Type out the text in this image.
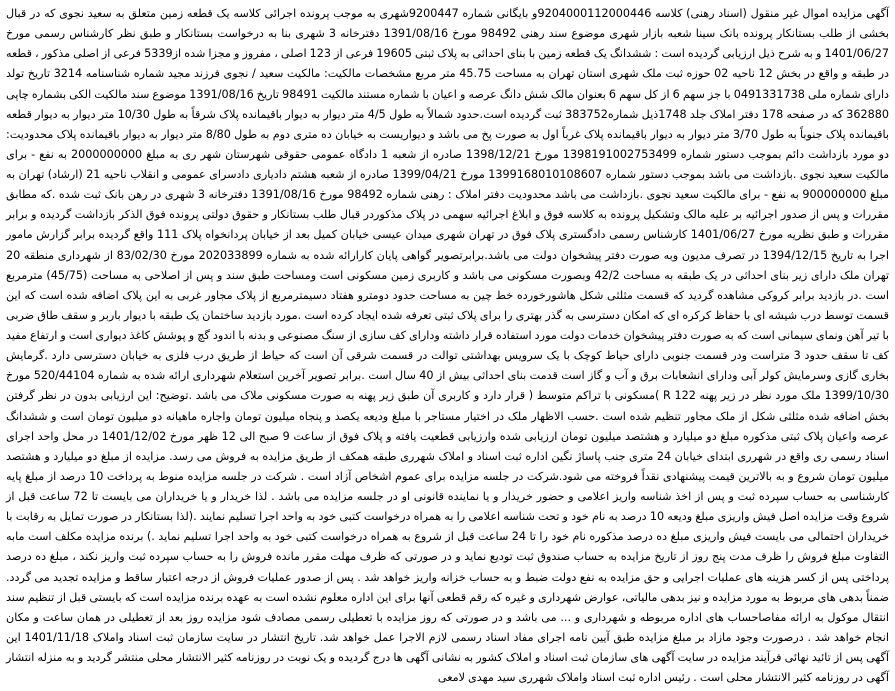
آگهی مزایده اموال غیر منقول (اسناد رهنی) کلاسه 9204000112000446و بایگانی شماره 9200447شهری به موجب پرونده اجرائی کلاسه یک قطعه زمین متعلق به سعید نجوی که در قبال بخشی از طلب بستانکار پرونده بانک سینا شعبه بازار شهری موضوع سند رهنی 98492 مورخ 1391/08/16 دفترخانه 3 شهری بنا به درخواست بستانکار و طبق نظر کارشناس رسمی مورخ 1401/06/27 و به شرح ذیل ارزیابی گردیده است : ششدانگ یک قطعه زمین با بنای احداثی به پلاک ثبتی 19605 فرعی از 123 اصلی ، مفروز و مجزا شده از5339 فرعی از اصلی مذکور ، قطعه در طبقه و واقع در بخش 12 ناحیه 02 حوزه ثبت ملک شهری استان تهران به مساحت 45.75 متر مربع مشخصات مالکیت: مالکیت سعید / نجوی فرزند مجید شماره شناسنامه 3214 تاریخ تولد دارای شماره ملی 0491331738 با جز سهم 6 از کل سهم 6 بعنوان مالک شش دانگ عرصه و اعیان با شماره مستند مالکیت 98491 تاریخ 1391/08/16 موضوع سند مالکیت الکی بشماره چاپی 362880 که در صفحه 178 دفتر املاک جلد 1748ذیل شماره383752 ثبت گردیده است.حدود شمالاً به طول 4/5 متر دیوار به دیوار باقیمانده پلاک شرقاً به طول 10/30 متر دیوار به دیوار قطعه باقیمانده پلاک جنوباً به طول 3/70 متر دیوار به دیوار باقیمانده پلاک غرباً اول به صورت پخ می باشد و دیواریست به خیابان ده متری دوم به طول 8/80 متر دیوار به دیوار باقیمانده پلاک محدودیت: دو مورد بازداشت دائم بموجب دستور شماره 1398191002753499 مورخ 1398/12/21 صادره از شعبه 1 دادگاه عمومی حقوقی شهرستان شهر ری به مبلغ 2000000000 به نفع - برای مالکیت سعید نجوی .بازداشت می باشد بموجب دستور شماره 1399168010108607 مورخ 1399/04/21 صادره از شعبه هشتم دادیاری دادسرای عمومی و انقلاب ناحیه 21 (ارشاد) تهران به مبلغ 900000000 به نفع - برای مالکیت سعید نجوی .بازداشت می باشد محدودیت دفتر املاک : رهنی شماره 98492 مورخ 1391/08/16 دفترخانه 3 شهری در رهن بانک ثبت شده .که مطابق مقررات و پس از صدور اجرائیه بر علیه مالک وتشکیل پرونده به کلاسه فوق و ابلاغ اجرائیه سهمی در پلاک مذکوردر قبال طلب بستانکار و حقوق دولتی پرونده فوق الذکر بازداشت گردیده و برابر مقررات و طبق نظریه مورخ 1401/06/27 کارشناس رسمی دادگستری پلاک فوق در تهران شهری میدان عیسی خیابان کمیل بعد از خیابان پردانخواه پلاک 111 واقع گردیده برابر گزارش مامور اجرا به تاریخ 1394/12/15 در تصرف مدیون وبه صورت دفتر پیشخوان دولت می باشد.برابرتصویر گواهی پایان کارارائه شده به شماره 202033899 مورخ 83/02/30 از شهرداری منطقه 20 تهران ملک دارای زیر بنای احداثی در یک طبقه به مساحت 42/2 وبصورت مسکونی می باشد و کاربری زمین مسکونی است ومساحت طبق سند و پس از اصلاحی به مساحت (45/75) مترمربع است .در بازدید برابر کروکی مشاهده گردید که قسمت مثلثی شکل هاشورخورده خط چین به مساحت حدود دومترو هفتاد دسیمترمربع از پلاک مجاور غربی به این پلاک اضافه شده است که این قسمت توسط درب شیشه ای با حفاظ کرکره ای که امکان دسترسی به گذر بهتری را برای پلاک ثبتی تعرفه شده ایجاد کرده است .مورد بازدید ساختمان یک طبقه با دیوار باربر و سقف طاق ضربی با تیر آهن ونمای سیمانی است که به صورت دفتر پیشخوان خدمات دولت مورد استفاده قرار داشته ودارای کف سازی از سنگ مصنوعی و بدنه با اندود گچ و پوشش کاغذ دیواری است و ارتفاع مفید کف تا سقف حدود 3 متراست ودر قسمت جنوبی دارای حیاط کوچک با یک سرویس بهداشتی توالت در قسمت شرقی آن است که حیاط از طریق درب فلزی به خیابان دسترسی دارد .گرمایش بخاری گازی وسرمایش کولر آبی ودارای انشعابات برق و آب و گاز است قدمت بنای احداثی بیش از 40 سال است .برابر تصویر آخرین استعلام شهرداری ارائه شده به شماره 520/44104 مورخ 1399/10/30 ملک مورد نظر در زیر پهنه R 122 )مسکونی با تراکم متوسط ( قرار دارد و کاربری آن طبق زیر پهنه به صورت مسکونی ملاک می باشد .توضیح: این ارزیابی بدون در نظر گرفتن بخش اضافه شده مثلثی شکل از ملک مجاور تنظیم شده است .حسب الاظهار ملک در اختیار مستاجر با مبلغ ودیعه یکصد و پنجاه میلیون تومان واجاره ماهیانه دو میلیون تومان است و ششدانگ عرصه واعیان پلاک ثبتی مذکوره مبلغ دو میلیارد و هشتصد میلیون تومان ارزیابی شده وارزیابی قطعیت یافته و پلاک فوق از ساعت 9 صبح الی 12 ظهر مورخ 1401/12/02 در محل واحد اجرای اسناد رسمی ری واقع در شهرری ابتدای خیابان 24 متری جنب پاساژ نگین اداره ثبت اسناد و املاک شهرری طبقه همکف از طریق مزایده به فروش می رسد. مزایده از مبلغ دو میلیارد و هشتصد میلیون تومان شروع و به بالاترین قیمت پیشنهادی نقداً فروخته می شود.شرکت در جلسه مزایده برای عموم اشخاص آزاد است . شرکت در جلسه مزایده منوط به پرداخت 10 درصد از مبلغ پایه کارشناسی به حساب سپرده ثبت و پس از اخذ شناسه واریز اعلامی و حضور خریدار و یا نماینده قانونی او در جلسه مزایده می باشد . لذا خریدار و یا خریداران می بایست تا 72 ساعت قبل از شروع وقت مزایده اصل فیش واریزی مبلغ ودیعه 10 درصد به نام خود و تحت شناسه اعلامی را به همراه درخواست کتبی خود به واحد اجرا تسلیم نمایند .(لذا بستانکار در صورت تمایل به رقابت با خریداران احتمالی می بایست فیش واریزی مبلغ ده درصد مذکوره نام خود را تا 24 ساعت قبل از شروع به همراه درخواست کتبی خود به واحد اجرا تسلیم نماید .) برنده مزایده مکلف است مابه التفاوت مبلغ فروش را ظرف مدت پنج روز از تاریخ مزایده به حساب صندوق ثبت تودیع نماید و در صورتی که ظرف مهلت مقرر مانده فروش را به حساب سپرده ثبت واریز نکند ، مبلغ ده درصد پرداختی پس از کسر هزینه های عملیات اجرایی و حق مزایده به نفع دولت ضبط و به حساب خزانه واریز خواهد شد . پس از صدور عملیات فروش از درجه اعتبار ساقط و مزایده تجدید می گردد. ضمناً بدهی های مربوط به مورد مزایده و نیز بدهی مالیاتی، عوارض شهرداری و غیره که رقم قطعی آنها برای این اداره معلوم نشده است به عهده برنده مزایده است که بایستی قبل از تنظیم سند انتقال موکول به ارائه مفاصاحساب های اداره مربوطه و شهرداری و ... می باشد و در صورتی که روز مزایده با تعطیلی رسمی مصادف شود مزایده روز بعد از تعطیلی در همان ساعت و مکان انجام خواهد شد . درصورت وجود مازاد بر مبلغ مزایده طبق آیین نامه اجرای مفاد اسناد رسمی لازم الاجرا عمل خواهد شد. تاریخ انتشار در سایت سازمان ثبت اسناد واملاک 1401/11/18 این آگهی پس از تائید نهائی فرآیند مزایده در سایت آگهی های سازمان ثبت اسناد و املاک کشور به نشانی آگهی ها درج گردیده و یک نوبت در روزنامه کثیر الانتشار محلی منتشر گردید و به منزله انتشار آگهی در روزنامه کثیر الانتشار محلی است . رئیس اداره ثبت اسناد واملاک شهرری سید مهدی لامعی
